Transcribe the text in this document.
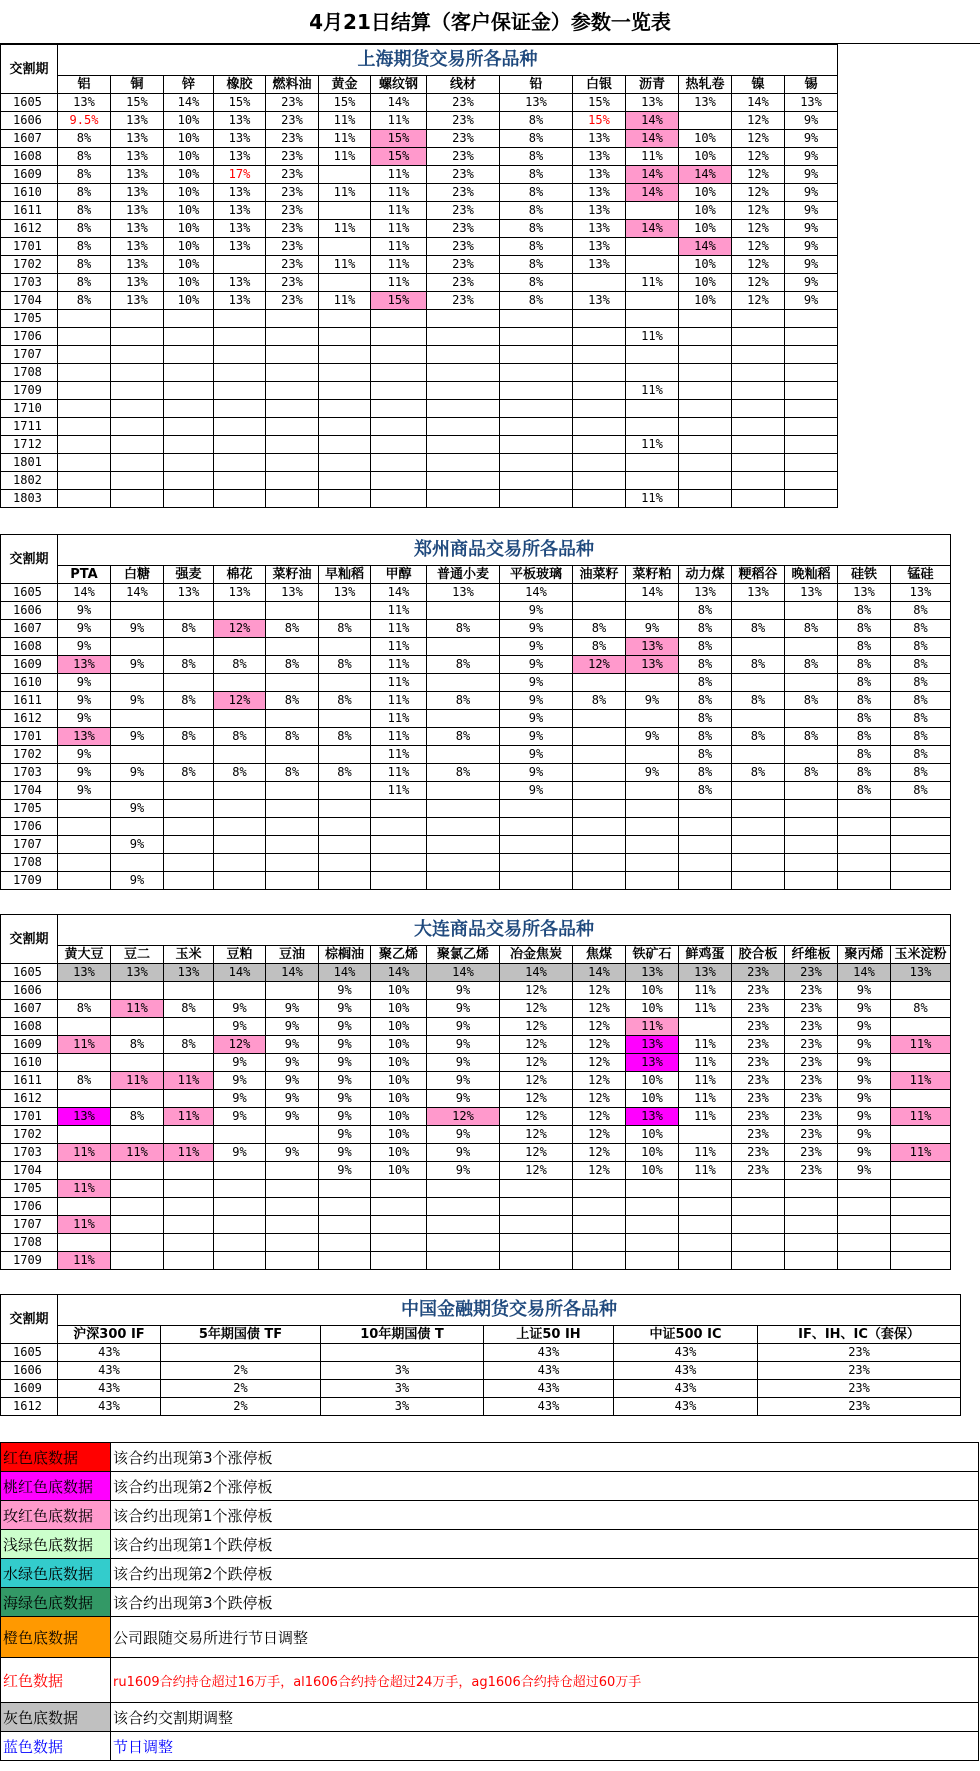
4月21日结算（客户保证金）参数一览表
交割期	上海期货交易所各品种													
	铝	铜	锌	橡胶	燃料油	黄金	螺纹钢	线材	铅	白银	沥青	热轧卷	镍	锡
1605	13%	15%	14%	15%	23%	15%	14%	23%	13%	15%	13%	13%	14%	13%
1606	9.5%	13%	10%	13%	23%	11%	11%	23%	8%	15%	14%		12%	9%
1607	8%	13%	10%	13%	23%	11%	15%	23%	8%	13%	14%	10%	12%	9%
1608	8%	13%	10%	13%	23%	11%	15%	23%	8%	13%	11%	10%	12%	9%
1609	8%	13%	10%	17%	23%		11%	23%	8%	13%	14%	14%	12%	9%
1610	8%	13%	10%	13%	23%	11%	11%	23%	8%	13%	14%	10%	12%	9%
1611	8%	13%	10%	13%	23%		11%	23%	8%	13%		10%	12%	9%
1612	8%	13%	10%	13%	23%	11%	11%	23%	8%	13%	14%	10%	12%	9%
1701	8%	13%	10%	13%	23%		11%	23%	8%	13%		14%	12%	9%
1702	8%	13%	10%		23%	11%	11%	23%	8%	13%		10%	12%	9%
1703	8%	13%	10%	13%	23%		11%	23%	8%		11%	10%	12%	9%
1704	8%	13%	10%	13%	23%	11%	15%	23%	8%	13%		10%	12%	9%
1705														
1706											11%			
1707														
1708														
1709											11%			
1710														
1711														
1712											11%			
1801														
1802														
1803											11%			
交割期	郑州商品交易所各品种															
	PTA	白糖	强麦	棉花	菜籽油	早籼稻	甲醇	普通小麦	平板玻璃	油菜籽	菜籽粕	动力煤	粳稻谷	晚籼稻	硅铁	锰硅
1605	14%	14%	13%	13%	13%	13%	14%	13%	14%		14%	13%	13%	13%	13%	13%
1606	9%						11%		9%			8%			8%	8%
1607	9%	9%	8%	12%	8%	8%	11%	8%	9%	8%	9%	8%	8%	8%	8%	8%
1608	9%						11%		9%	8%	13%	8%			8%	8%
1609	13%	9%	8%	8%	8%	8%	11%	8%	9%	12%	13%	8%	8%	8%	8%	8%
1610	9%						11%		9%			8%			8%	8%
1611	9%	9%	8%	12%	8%	8%	11%	8%	9%	8%	9%	8%	8%	8%	8%	8%
1612	9%						11%		9%			8%			8%	8%
1701	13%	9%	8%	8%	8%	8%	11%	8%	9%		9%	8%	8%	8%	8%	8%
1702	9%						11%		9%			8%			8%	8%
1703	9%	9%	8%	8%	8%	8%	11%	8%	9%		9%	8%	8%	8%	8%	8%
1704	9%						11%		9%			8%			8%	8%
1705		9%														
1706																
1707		9%														
1708																
1709		9%														
交割期	大连商品交易所各品种															
	黄大豆	豆二	玉米	豆粕	豆油	棕榈油	聚乙烯	聚氯乙烯	冶金焦炭	焦煤	铁矿石	鲜鸡蛋	胶合板	纤维板	聚丙烯	玉米淀粉
1605	13%	13%	13%	14%	14%	14%	14%	14%	14%	14%	13%	13%	23%	23%	14%	13%
1606						9%	10%	9%	12%	12%	10%	11%	23%	23%	9%	
1607	8%	11%	8%	9%	9%	9%	10%	9%	12%	12%	10%	11%	23%	23%	9%	8%
1608				9%	9%	9%	10%	9%	12%	12%	11%		23%	23%	9%	
1609	11%	8%	8%	12%	9%	9%	10%	9%	12%	12%	13%	11%	23%	23%	9%	11%
1610				9%	9%	9%	10%	9%	12%	12%	13%	11%	23%	23%	9%	
1611	8%	11%	11%	9%	9%	9%	10%	9%	12%	12%	10%	11%	23%	23%	9%	11%
1612				9%	9%	9%	10%	9%	12%	12%	10%	11%	23%	23%	9%	
1701	13%	8%	11%	9%	9%	9%	10%	12%	12%	12%	13%	11%	23%	23%	9%	11%
1702						9%	10%	9%	12%	12%	10%		23%	23%	9%	
1703	11%	11%	11%	9%	9%	9%	10%	9%	12%	12%	10%	11%	23%	23%	9%	11%
1704						9%	10%	9%	12%	12%	10%	11%	23%	23%	9%	
1705	11%															
1706																
1707	11%															
1708																
1709	11%															
交割期	中国金融期货交易所各品种					
	沪深300 IF	5年期国债 TF	10年期国债 T	上证50 IH	中证500 IC	IF、IH、IC（套保）
1605	43%			43%	43%	23%
1606	43%	2%	3%	43%	43%	23%
1609	43%	2%	3%	43%	43%	23%
1612	43%	2%	3%	43%	43%	23%
红色底数据	该合约出现第3个涨停板
桃红色底数据	该合约出现第2个涨停板
玫红色底数据	该合约出现第1个涨停板
浅绿色底数据	该合约出现第1个跌停板
水绿色底数据	该合约出现第2个跌停板
海绿色底数据	该合约出现第3个跌停板
橙色底数据	公司跟随交易所进行节日调整
红色数据	ru1609合约持仓超过16万手，al1606合约持仓超过24万手，ag1606合约持仓超过60万手
灰色底数据	该合约交割期调整
蓝色数据	节日调整
